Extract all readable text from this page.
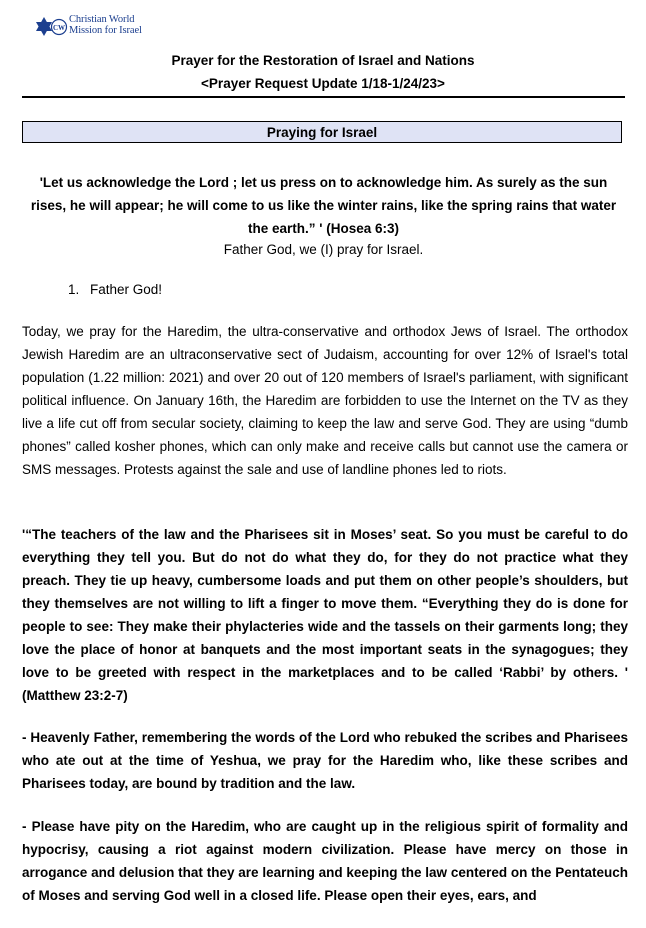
CW
Christian World
Mission for Israel
Prayer for the Restoration of Israel and Nations
<Prayer Request Update 1/18-1/24/23>
Praying for Israel
'Let us acknowledge the Lord ; let us press on to acknowledge him. As surely as the sun rises, he will appear; he will come to us like the winter rains, like the spring rains that water the earth.” ' (Hosea 6:3)
Father God, we (I) pray for Israel.
1. Father God!

Today, we pray for the Haredim, the ultra-conservative and orthodox Jews of Israel. The orthodox Jewish Haredim are an ultraconservative sect of Judaism, accounting for over 12% of Israel's total population (1.22 million: 2021) and over 20 out of 120 members of Israel's parliament, with significant political influence. On January 16th, the Haredim are forbidden to use the Internet on the TV as they live a life cut off from secular society, claiming to keep the law and serve God. They are using “dumb phones” called kosher phones, which can only make and receive calls but cannot use the camera or SMS messages. Protests against the sale and use of landline phones led to riots.

'“The teachers of the law and the Pharisees sit in Moses’ seat. So you must be careful to do everything they tell you. But do not do what they do, for they do not practice what they preach. They tie up heavy, cumbersome loads and put them on other people’s shoulders, but they themselves are not willing to lift a finger to move them. “Everything they do is done for people to see: They make their phylacteries wide and the tassels on their garments long; they love the place of honor at banquets and the most important seats in the synagogues; they love to be greeted with respect in the marketplaces and to be called ‘Rabbi’ by others. ' (Matthew 23:2-7)

- Heavenly Father, remembering the words of the Lord who rebuked the scribes and Pharisees who ate out at the time of Yeshua, we pray for the Haredim who, like these scribes and Pharisees today, are bound by tradition and the law.

- Please have pity on the Haredim, who are caught up in the religious spirit of formality and hypocrisy, causing a riot against modern civilization. Please have mercy on those in arrogance and delusion that they are learning and keeping the law centered on the Pentateuch of Moses and serving God well in a closed life. Please open their eyes, ears, and
